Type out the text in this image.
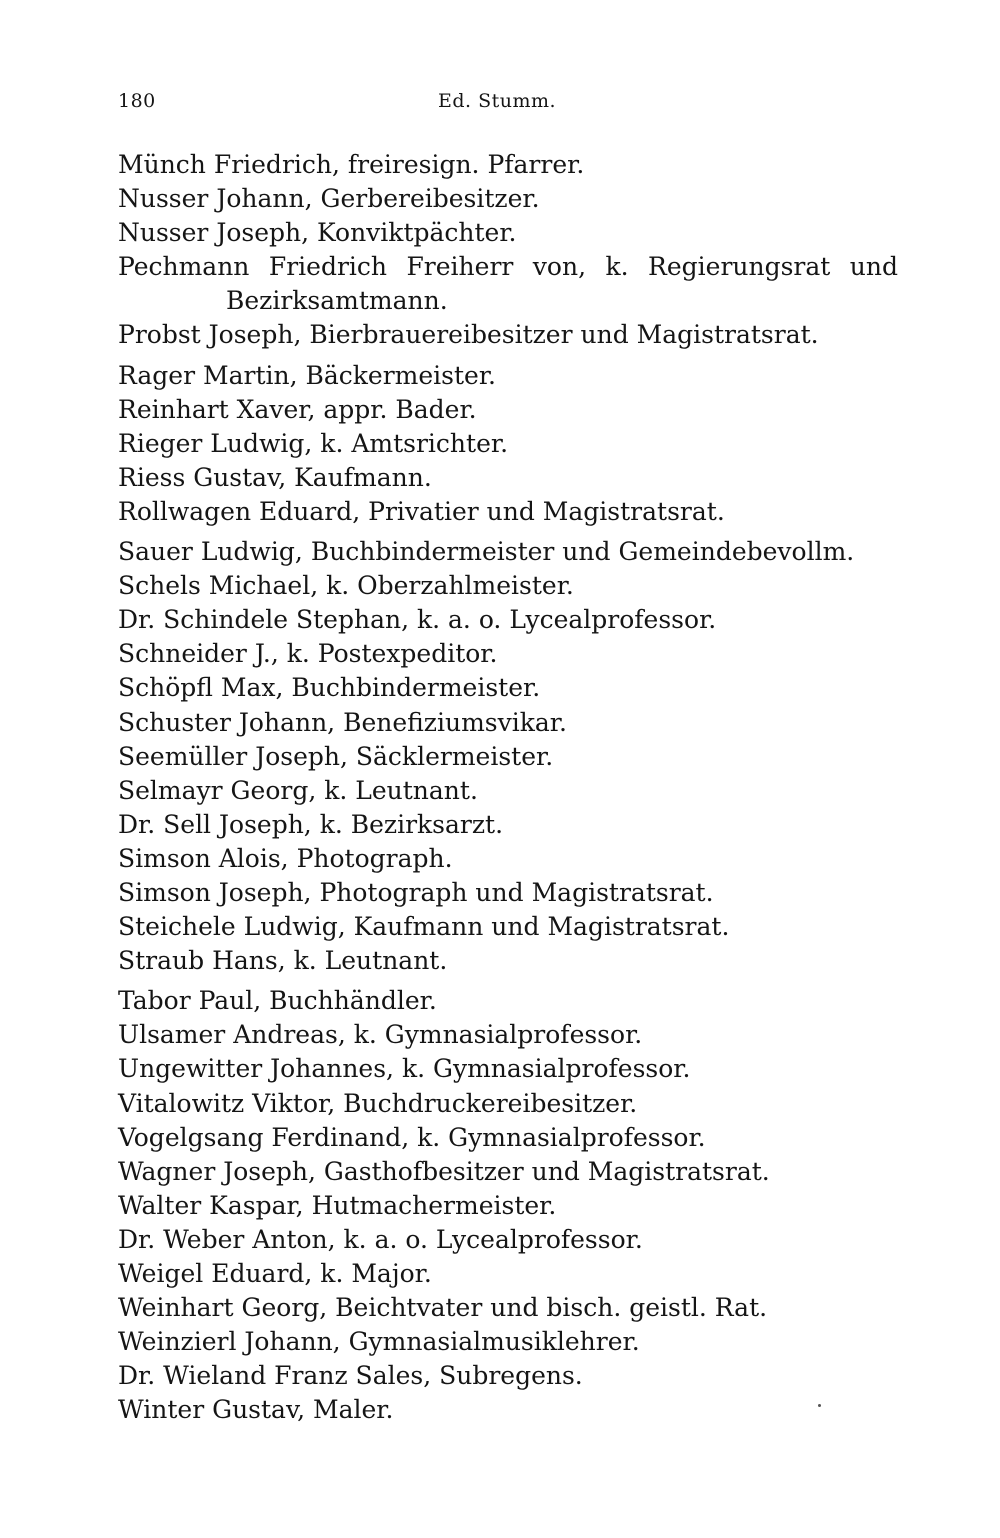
180	Ed. Stumm.

Münch Friedrich, freiresign. Pfarrer.

Nusser Johann, Gerbereibesitzer.

Nusser Joseph, Konviktpächter.

Pechmann Friedrich Freiherr von, k. Regierungsrat und Bezirksamtmann.

Probst Joseph, Bierbrauereibesitzer und Magistratsrat.

Rager Martin, Bäckermeister.

Reinhart Xaver, appr. Bader.

Rieger Ludwig, k. Amtsrichter.

Riess Gustav, Kaufmann.

Rollwagen Eduard, Privatier und Magistratsrat.

Sauer Ludwig, Buchbindermeister und Gemeindebevollm.

Schels Michael, k. Oberzahlmeister.

Dr. Schindele Stephan, k. a. o. Lycealprofessor.

Schneider J., k. Postexpeditor.

Schöpfl Max, Buchbindermeister.

Schuster Johann, Benefiziumsvikar.

Seemüller Joseph, Säcklermeister.

Selmayr Georg, k. Leutnant.

Dr. Sell Joseph, k. Bezirksarzt.

Simson Alois, Photograph.

Simson Joseph, Photograph und Magistratsrat.

Steichele Ludwig, Kaufmann und Magistratsrat.

Straub Hans, k. Leutnant.

Tabor Paul, Buchhändler.

Ulsamer Andreas, k. Gymnasialprofessor.

Ungewitter Johannes, k. Gymnasialprofessor.

Vitalowitz Viktor, Buchdruckereibesitzer.

Vogelgsang Ferdinand, k. Gymnasialprofessor.

Wagner Joseph, Gasthofbesitzer und Magistratsrat.

Walter Kaspar, Hutmachermeister.

Dr. Weber Anton, k. a. o. Lycealprofessor.

Weigel Eduard, k. Major.

Weinhart Georg, Beichtvater und bisch. geistl. Rat.

Weinzierl Johann, Gymnasialmusiklehrer.

Dr. Wieland Franz Sales, Subregens.

Winter Gustav, Maler.
